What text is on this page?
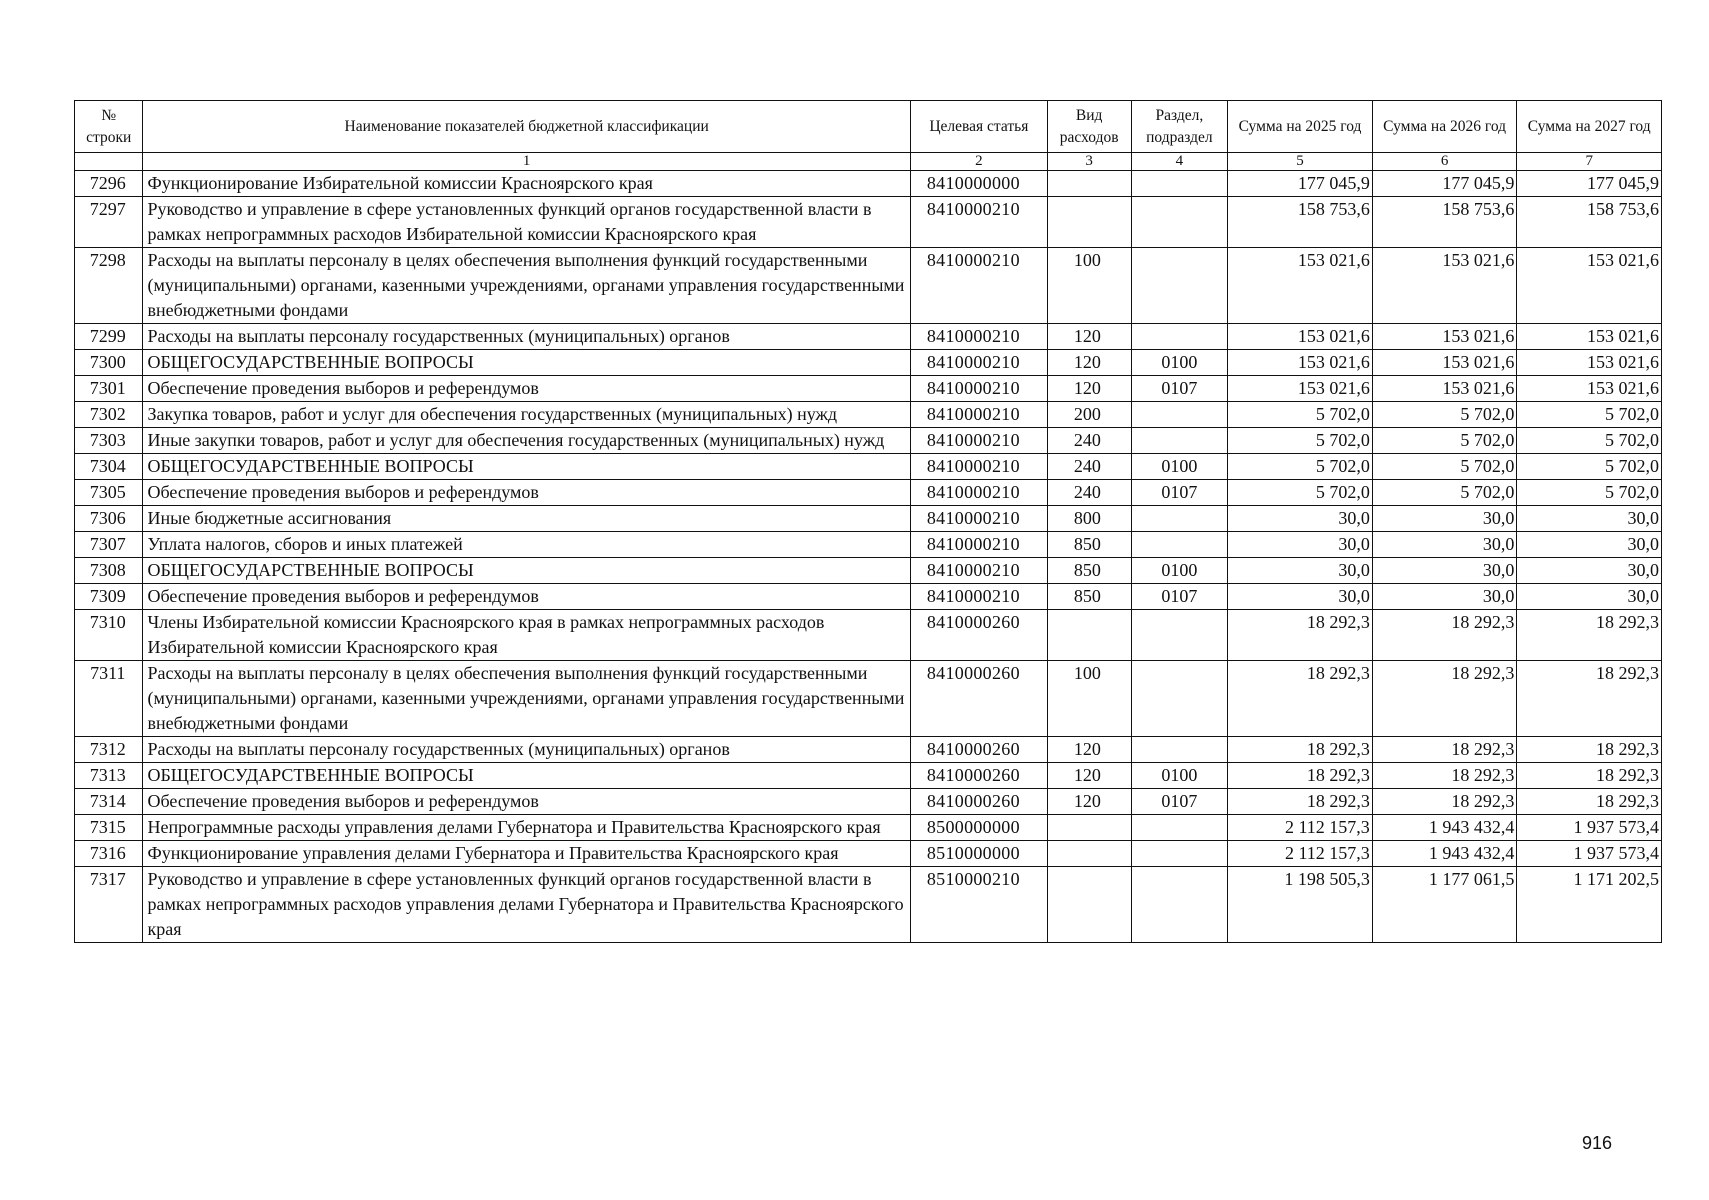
№ строки	Наименование показателей бюджетной классификации	Целевая статья	Вид расходов	Раздел, подраздел	Сумма на 2025 год	Сумма на 2026 год	Сумма на 2027 год
	1	2	3	4	5	6	7
7296	Функционирование Избирательной комиссии Красноярского края	8410000000			177 045,9	177 045,9	177 045,9
7297	Руководство и управление в сфере установленных функций органов государственной власти в рамках непрограммных расходов Избирательной комиссии Красноярского края	8410000210			158 753,6	158 753,6	158 753,6
7298	Расходы на выплаты персоналу в целях обеспечения выполнения функций государственными (муниципальными) органами, казенными учреждениями, органами управления государственными внебюджетными фондами	8410000210	100		153 021,6	153 021,6	153 021,6
7299	Расходы на выплаты персоналу государственных (муниципальных) органов	8410000210	120		153 021,6	153 021,6	153 021,6
7300	ОБЩЕГОСУДАРСТВЕННЫЕ ВОПРОСЫ	8410000210	120	0100	153 021,6	153 021,6	153 021,6
7301	Обеспечение проведения выборов и референдумов	8410000210	120	0107	153 021,6	153 021,6	153 021,6
7302	Закупка товаров, работ и услуг для обеспечения государственных (муниципальных) нужд	8410000210	200		5 702,0	5 702,0	5 702,0
7303	Иные закупки товаров, работ и услуг для обеспечения государственных (муниципальных) нужд	8410000210	240		5 702,0	5 702,0	5 702,0
7304	ОБЩЕГОСУДАРСТВЕННЫЕ ВОПРОСЫ	8410000210	240	0100	5 702,0	5 702,0	5 702,0
7305	Обеспечение проведения выборов и референдумов	8410000210	240	0107	5 702,0	5 702,0	5 702,0
7306	Иные бюджетные ассигнования	8410000210	800		30,0	30,0	30,0
7307	Уплата налогов, сборов и иных платежей	8410000210	850		30,0	30,0	30,0
7308	ОБЩЕГОСУДАРСТВЕННЫЕ ВОПРОСЫ	8410000210	850	0100	30,0	30,0	30,0
7309	Обеспечение проведения выборов и референдумов	8410000210	850	0107	30,0	30,0	30,0
7310	Члены Избирательной комиссии Красноярского края в рамках непрограммных расходов Избирательной комиссии Красноярского края	8410000260			18 292,3	18 292,3	18 292,3
7311	Расходы на выплаты персоналу в целях обеспечения выполнения функций государственными (муниципальными) органами, казенными учреждениями, органами управления государственными внебюджетными фондами	8410000260	100		18 292,3	18 292,3	18 292,3
7312	Расходы на выплаты персоналу государственных (муниципальных) органов	8410000260	120		18 292,3	18 292,3	18 292,3
7313	ОБЩЕГОСУДАРСТВЕННЫЕ ВОПРОСЫ	8410000260	120	0100	18 292,3	18 292,3	18 292,3
7314	Обеспечение проведения выборов и референдумов	8410000260	120	0107	18 292,3	18 292,3	18 292,3
7315	Непрограммные расходы управления делами Губернатора и Правительства Красноярского края	8500000000			2 112 157,3	1 943 432,4	1 937 573,4
7316	Функционирование управления делами Губернатора и Правительства Красноярского края	8510000000			2 112 157,3	1 943 432,4	1 937 573,4
7317	Руководство и управление в сфере установленных функций органов государственной власти в рамках непрограммных расходов управления делами Губернатора и Правительства Красноярского края	8510000210			1 198 505,3	1 177 061,5	1 171 202,5
916
